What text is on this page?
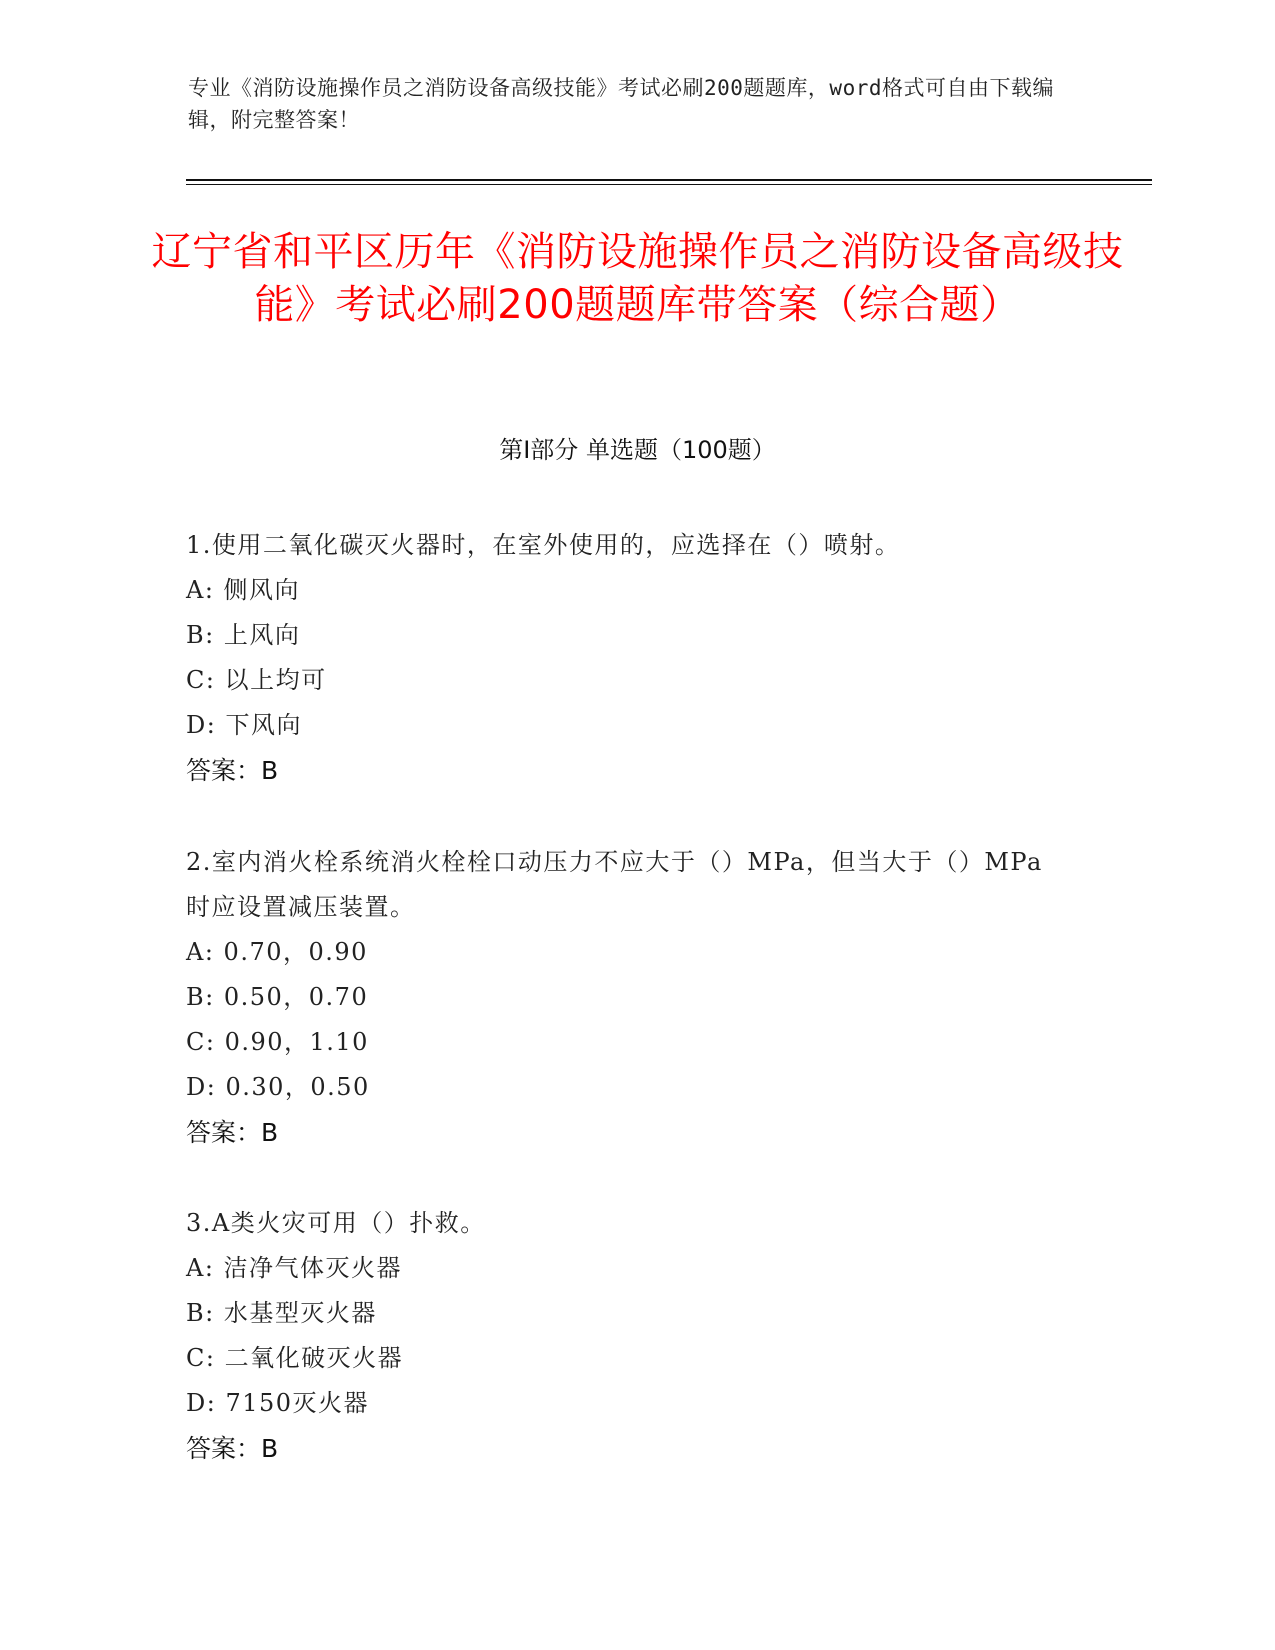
专业《消防设施操作员之消防设备高级技能》考试必刷200题题库，word格式可自由下载编辑，附完整答案！
辽宁省和平区历年《消防设施操作员之消防设备高级技能》考试必刷200题题库带答案（综合题）
第Ⅰ部分 单选题（100题）
1.使用二氧化碳灭火器时，在室外使用的，应选择在（）喷射。
A: 侧风向
B: 上风向
C: 以上均可
D: 下风向
答案：B
2.室内消火栓系统消火栓栓口动压力不应大于（）MPa，但当大于（）MPa时应设置减压装置。
A: 0.70，0.90
B: 0.50，0.70
C: 0.90，1.10
D: 0.30，0.50
答案：B
3.A类火灾可用（）扑救。
A: 洁净气体灭火器
B: 水基型灭火器
C: 二氧化破灭火器
D: 7150灭火器
答案：B
